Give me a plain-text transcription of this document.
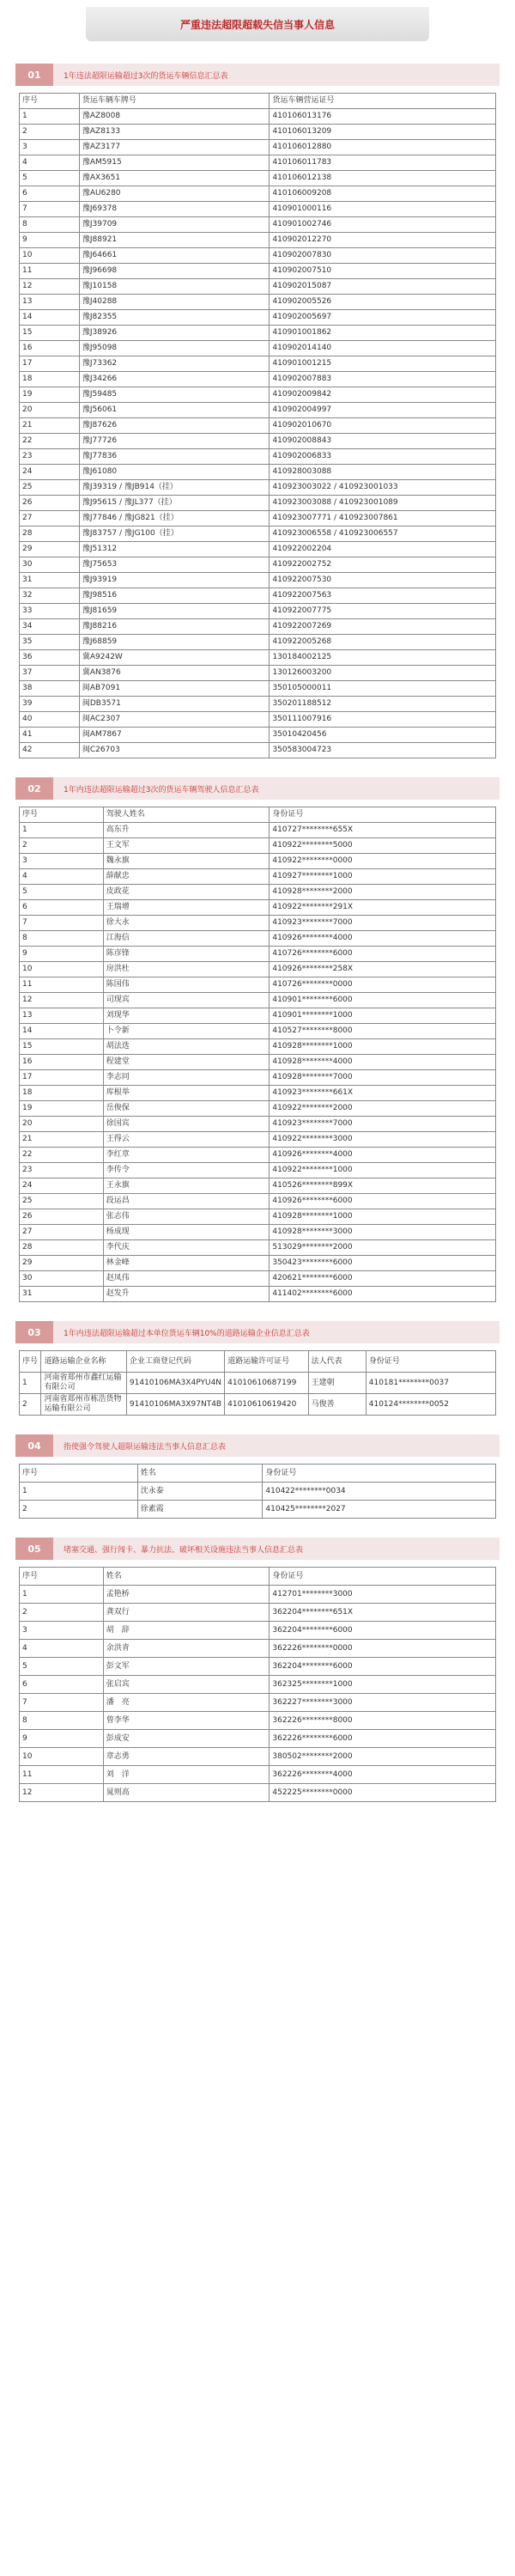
严重违法超限超载失信当事人信息
01	1年违法超限运输超过3次的货运车辆信息汇总表
序号	货运车辆车牌号	货运车辆营运证号
1	豫AZ8008	410106013176
2	豫AZ8133	410106013209
3	豫AZ3177	410106012880
4	豫AM5915	410106011783
5	豫AX3651	410106012138
6	豫AU6280	410106009208
7	豫J69378	410901000116
8	豫J39709	410901002746
9	豫J88921	410902012270
10	豫J64661	410902007830
11	豫J96698	410902007510
12	豫J10158	410902015087
13	豫J40288	410902005526
14	豫J82355	410902005697
15	豫J38926	410901001862
16	豫J95098	410902014140
17	豫J73362	410901001215
18	豫J34266	410902007883
19	豫J59485	410902009842
20	豫J56061	410902004997
21	豫J87626	410902010670
22	豫J77726	410902008843
23	豫J77836	410902006833
24	豫J61080	410928003088
25	豫J39319 / 豫JB914（挂）	410923003022 / 410923001033
26	豫J95615 / 豫JL377（挂）	410923003088 / 410923001089
27	豫J77846 / 豫JG821（挂）	410923007771 / 410923007861
28	豫J83757 / 豫JG100（挂）	410923006558 / 410923006557
29	豫J51312	410922002204
30	豫J75653	410922002752
31	豫J93919	410922007530
32	豫J98516	410922007563
33	豫J81659	410922007775
34	豫J88216	410922007269
35	豫J68859	410922005268
36	冀A9242W	130184002125
37	冀AN3876	130126003200
38	闽AB7091	350105000011
39	闽DB3571	350201188512
40	闽AC2307	350111007916
41	闽AM7867	35010420456
42	闽C26703	350583004723
02	1年内违法超限运输超过3次的货运车辆驾驶人信息汇总表
序号	驾驶人姓名	身份证号
1	高东升	410727********655X
2	王文军	410922********5000
3	魏永旗	410922********0000
4	薛献忠	410927********1000
5	皮政花	410928********2000
6	王瑞增	410922********291X
7	徐大永	410923********7000
8	江海信	410926********4000
9	陈彦锋	410726********6000
10	房洪杜	410926********258X
11	陈国伟	410726********0000
12	司现宾	410901********6000
13	刘现华	410901********1000
14	卜令新	410527********8000
15	胡法选	410928********1000
16	程建堂	410928********4000
17	李志同	410928********7000
18	库根举	410923********661X
19	岳俊保	410922********2000
20	徐国宾	410923********7000
21	王得云	410922********3000
22	李红章	410926********4000
23	李传令	410922********1000
24	王永旗	410526********899X
25	段运昌	410926********6000
26	张志伟	410928********1000
27	杨成现	410928********3000
28	李代庆	513029********2000
29	林金峰	350423********6000
30	赵凤伟	420621********6000
31	赵发升	411402********6000
03	1年内违法超限运输超过本单位货运车辆10%的道路运输企业信息汇总表
序号	道路运输企业名称	企业工商登记代码	道路运输许可证号	法人代表	身份证号
1	河南省郑州市鑫红运输有限公司	91410106MA3X4PYU4N	41010610687199	王建朝	410181********0037
2	河南省郑州市栋浩货物运输有限公司	91410106MA3X97NT4B	41010610619420	马俊善	410124********0052
04	指使强令驾驶人超限运输违法当事人信息汇总表
序号	姓名	身份证号
1	沈永泰	410422********0034
2	徐素霞	410425********2027
05	堵塞交通、强行闯卡、暴力抗法、破坏相关设施违法当事人信息汇总表
序号	姓名	身份证号
1	孟艳桥	412701********3000
2	龚双行	362204********651X
3	胡　辞	362204********6000
4	余洪青	362226********0000
5	彭文军	362204********6000
6	张启宾	362325********1000
7	潘　亮	362227********3000
8	曾李华	362226********8000
9	彭成安	362226********6000
10	章志勇	380502********2000
11	刘　洋	362226********4000
12	晁则高	452225********0000
